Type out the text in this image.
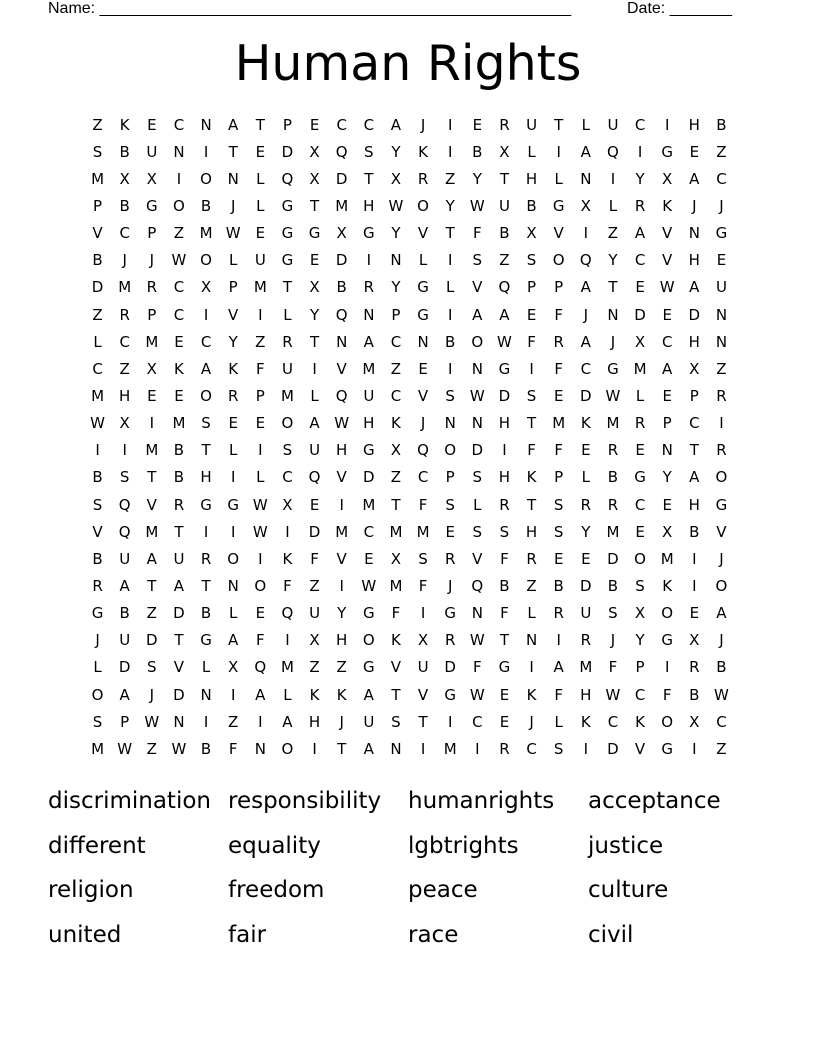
Name: _____________________________________________________	Date: _______
Human Rights
Z	K	E	C	N	A	T	P	E	C	C	A	J	I	E	R	U	T	L	U	C	I	H	B
S	B	U	N	I	T	E	D	X	Q	S	Y	K	I	B	X	L	I	A	Q	I	G	E	Z
M	X	X	I	O	N	L	Q	X	D	T	X	R	Z	Y	T	H	L	N	I	Y	X	A	C
P	B	G	O	B	J	L	G	T	M	H W O	Y	W U	B	G	X	L	R	K	J	J
V	C	P	Z	M W E	G	G	X	G	Y	V	T	F	B	X	V	I	Z	A	V	N	G
B	J	J	W O	L	U	G	E	D	I	N	L	I	S	Z	S	O	Q	Y	C	V	H	E
D M	R	C	X	P	M	T	X	B	R	Y	G	L	V	Q	P	P	A	T	E W A	U
Z	R	P	C	I	V	I	L	Y	Q	N	P	G	I	A	A	E	F	J	N	D	E	D	N
L	C	M	E	C	Y	Z	R	T	N	A	C	N	B	O W	F	R	A	J	X	C	H	N
C	Z	X	K	A	K	F	U	I	V	M	Z	E	I	N	G	I	F	C	G M	A	X	Z
M	H	E	E	O	R	P	M	L	Q	U	C	V	S W D	S	E	D W	L	E	P	R
W X	I	M	S	E	E	O	A W H	K	J	N	N	H	T	M	K	M	R	P	C	I
I	I	M	B	T	L	I	S	U	H	G	X	Q	O	D	I	F	F	E	R	E	N	T	R
B	S	T	B	H	I	L	C	Q	V	D	Z	C	P	S	H	K	P	L	B	G	Y	A	O
S	Q	V	R	G	G W X	E	I	M	T	F	S	L	R	T	S	R	R	C	E	H	G
V	Q M	T	I	I	W	I	D M	C	M M	E	S	S	H	S	Y	M	E	X	B	V
B	U	A	U	R	O	I	K	F	V	E	X	S	R	V	F	R	E	E	D	O M	I	J
R	A	T	A	T	N	O	F	Z	I	W M	F	J	Q	B	Z	B	D	B	S	K	I	O
G	B	Z	D	B	L	E	Q	U	Y	G	F	I	G	N	F	L	R	U	S	X	O	E	A
J	U	D	T	G	A	F	I	X	H	O	K	X	R W	T	N	I	R	J	Y	G	X	J
L	D	S	V	L	X	Q M	Z	Z	G	V	U	D	F	G	I	A	M	F	P	I	R	B
O	A	J	D	N	I	A	L	K	K	A	T	V	G W E	K	F	H W C	F	B W
S	P	W N	I	Z	I	A	H	J	U	S	T	I	C	E	J	L	K	C	K	O	X	C
M W Z W B	F	N	O	I	T	A	N	I	M	I	R	C	S	I	D	V	G	I	Z
discrimination responsibility	humanrights	acceptance
different	equality	lgbtrights	justice
religion	freedom	peace	culture
united	fair	race	civil
